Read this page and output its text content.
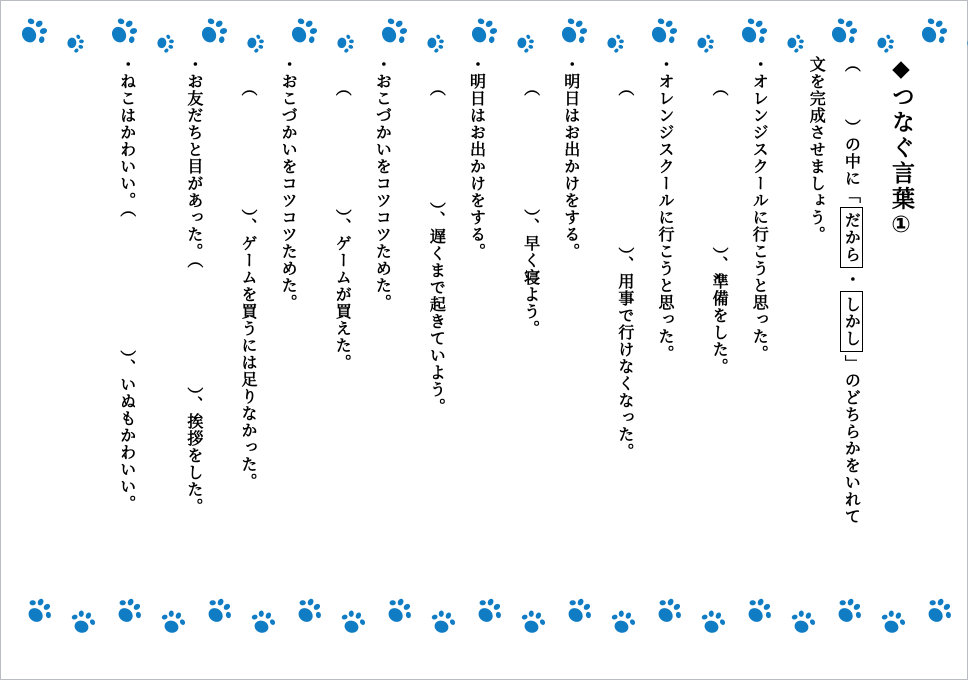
◆つなぐ言葉①
（）の中に「だから・しかし」のどちらかをいれて
文を完成させましょう。
・オレンジスクールに行こうと思った。
（）、準備をした。
・オレンジスクールに行こうと思った。
（）、用事で行けなくなった。
・明日はお出かけをする。
（）、早く寝よう。
・明日はお出かけをする。
（）、遅くまで起きていよう。
・おこづかいをコツコツためた。
（）、ゲームが買えた。
・おこづかいをコツコツためた。
（）、ゲームを買うには足りなかった。
・お友だちと目があった。（）、挨拶をした。
・ねこはかわいい。（）、いぬもかわいい。
